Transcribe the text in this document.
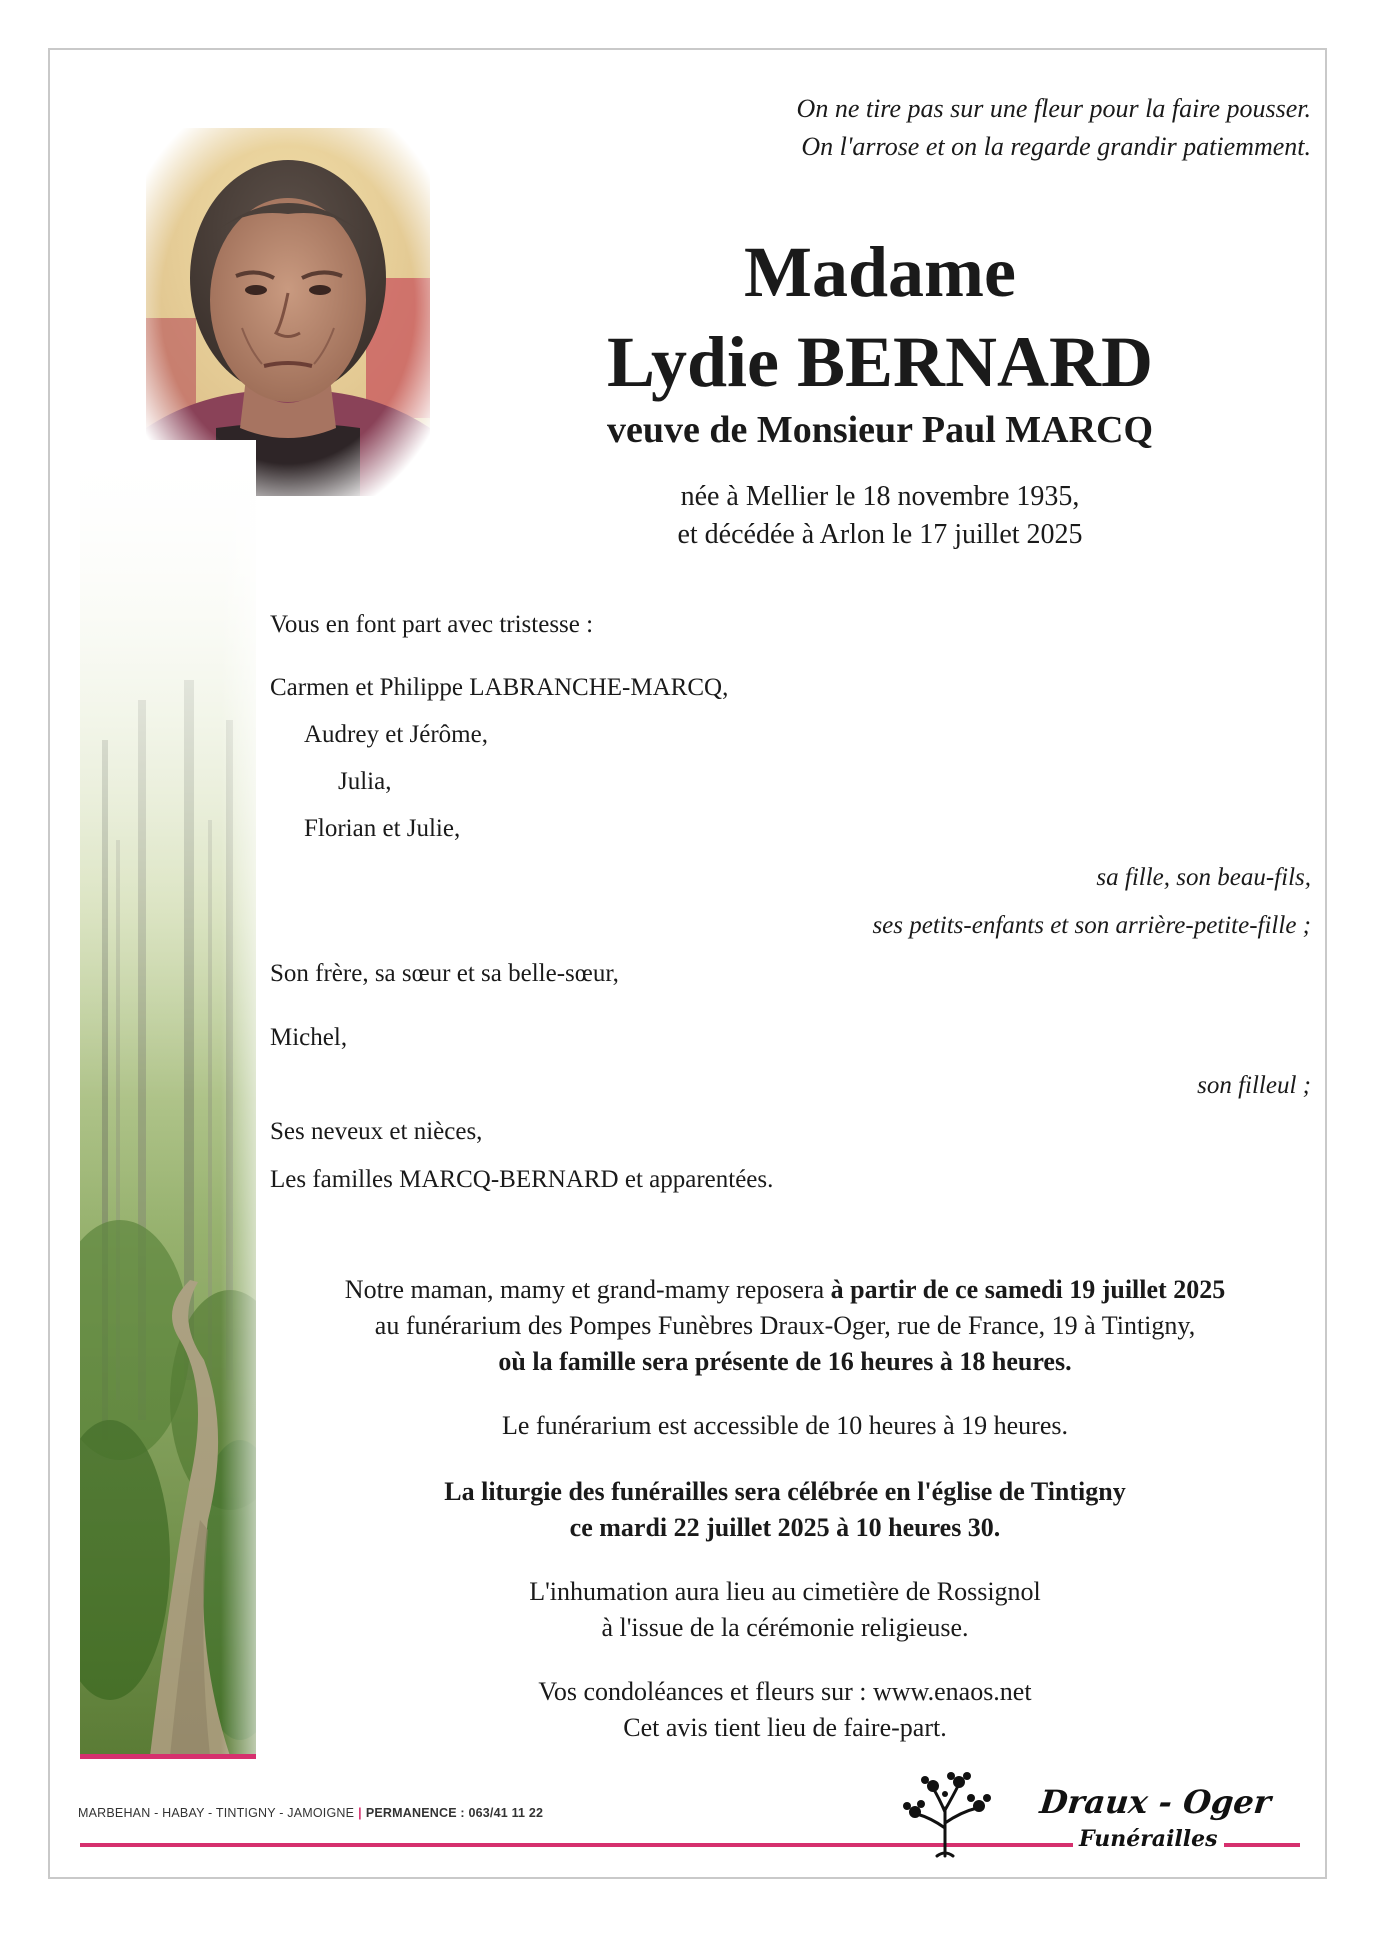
On ne tire pas sur une fleur pour la faire pousser.
On l'arrose et on la regarde grandir patiemment.
Madame
Lydie BERNARD
veuve de Monsieur Paul MARCQ
née à Mellier le 18 novembre 1935,
et décédée à Arlon le 17 juillet 2025
Vous en font part avec tristesse :
Carmen et Philippe LABRANCHE-MARCQ,
Audrey et Jérôme,
Julia,
Florian et Julie,
sa fille, son beau-fils,
ses petits-enfants et son arrière-petite-fille ;
Son frère, sa sœur et sa belle-sœur,
Michel,
son filleul ;
Ses neveux et nièces,
Les familles MARCQ-BERNARD et apparentées.
Notre maman, mamy et grand-mamy reposera à partir de ce samedi 19 juillet 2025
au funérarium des Pompes Funèbres Draux-Oger, rue de France, 19 à Tintigny,
où la famille sera présente de 16 heures à 18 heures.
Le funérarium est accessible de 10 heures à 19 heures.
La liturgie des funérailles sera célébrée en l'église de Tintigny
ce mardi 22 juillet 2025 à 10 heures 30.
L'inhumation aura lieu au cimetière de Rossignol
à l'issue de la cérémonie religieuse.
Vos condoléances et fleurs sur : www.enaos.net
Cet avis tient lieu de faire-part.
MARBEHAN - HABAY - TINTIGNY - JAMOIGNE | PERMANENCE : 063/41 11 22	Draux - Oger
Funérailles
